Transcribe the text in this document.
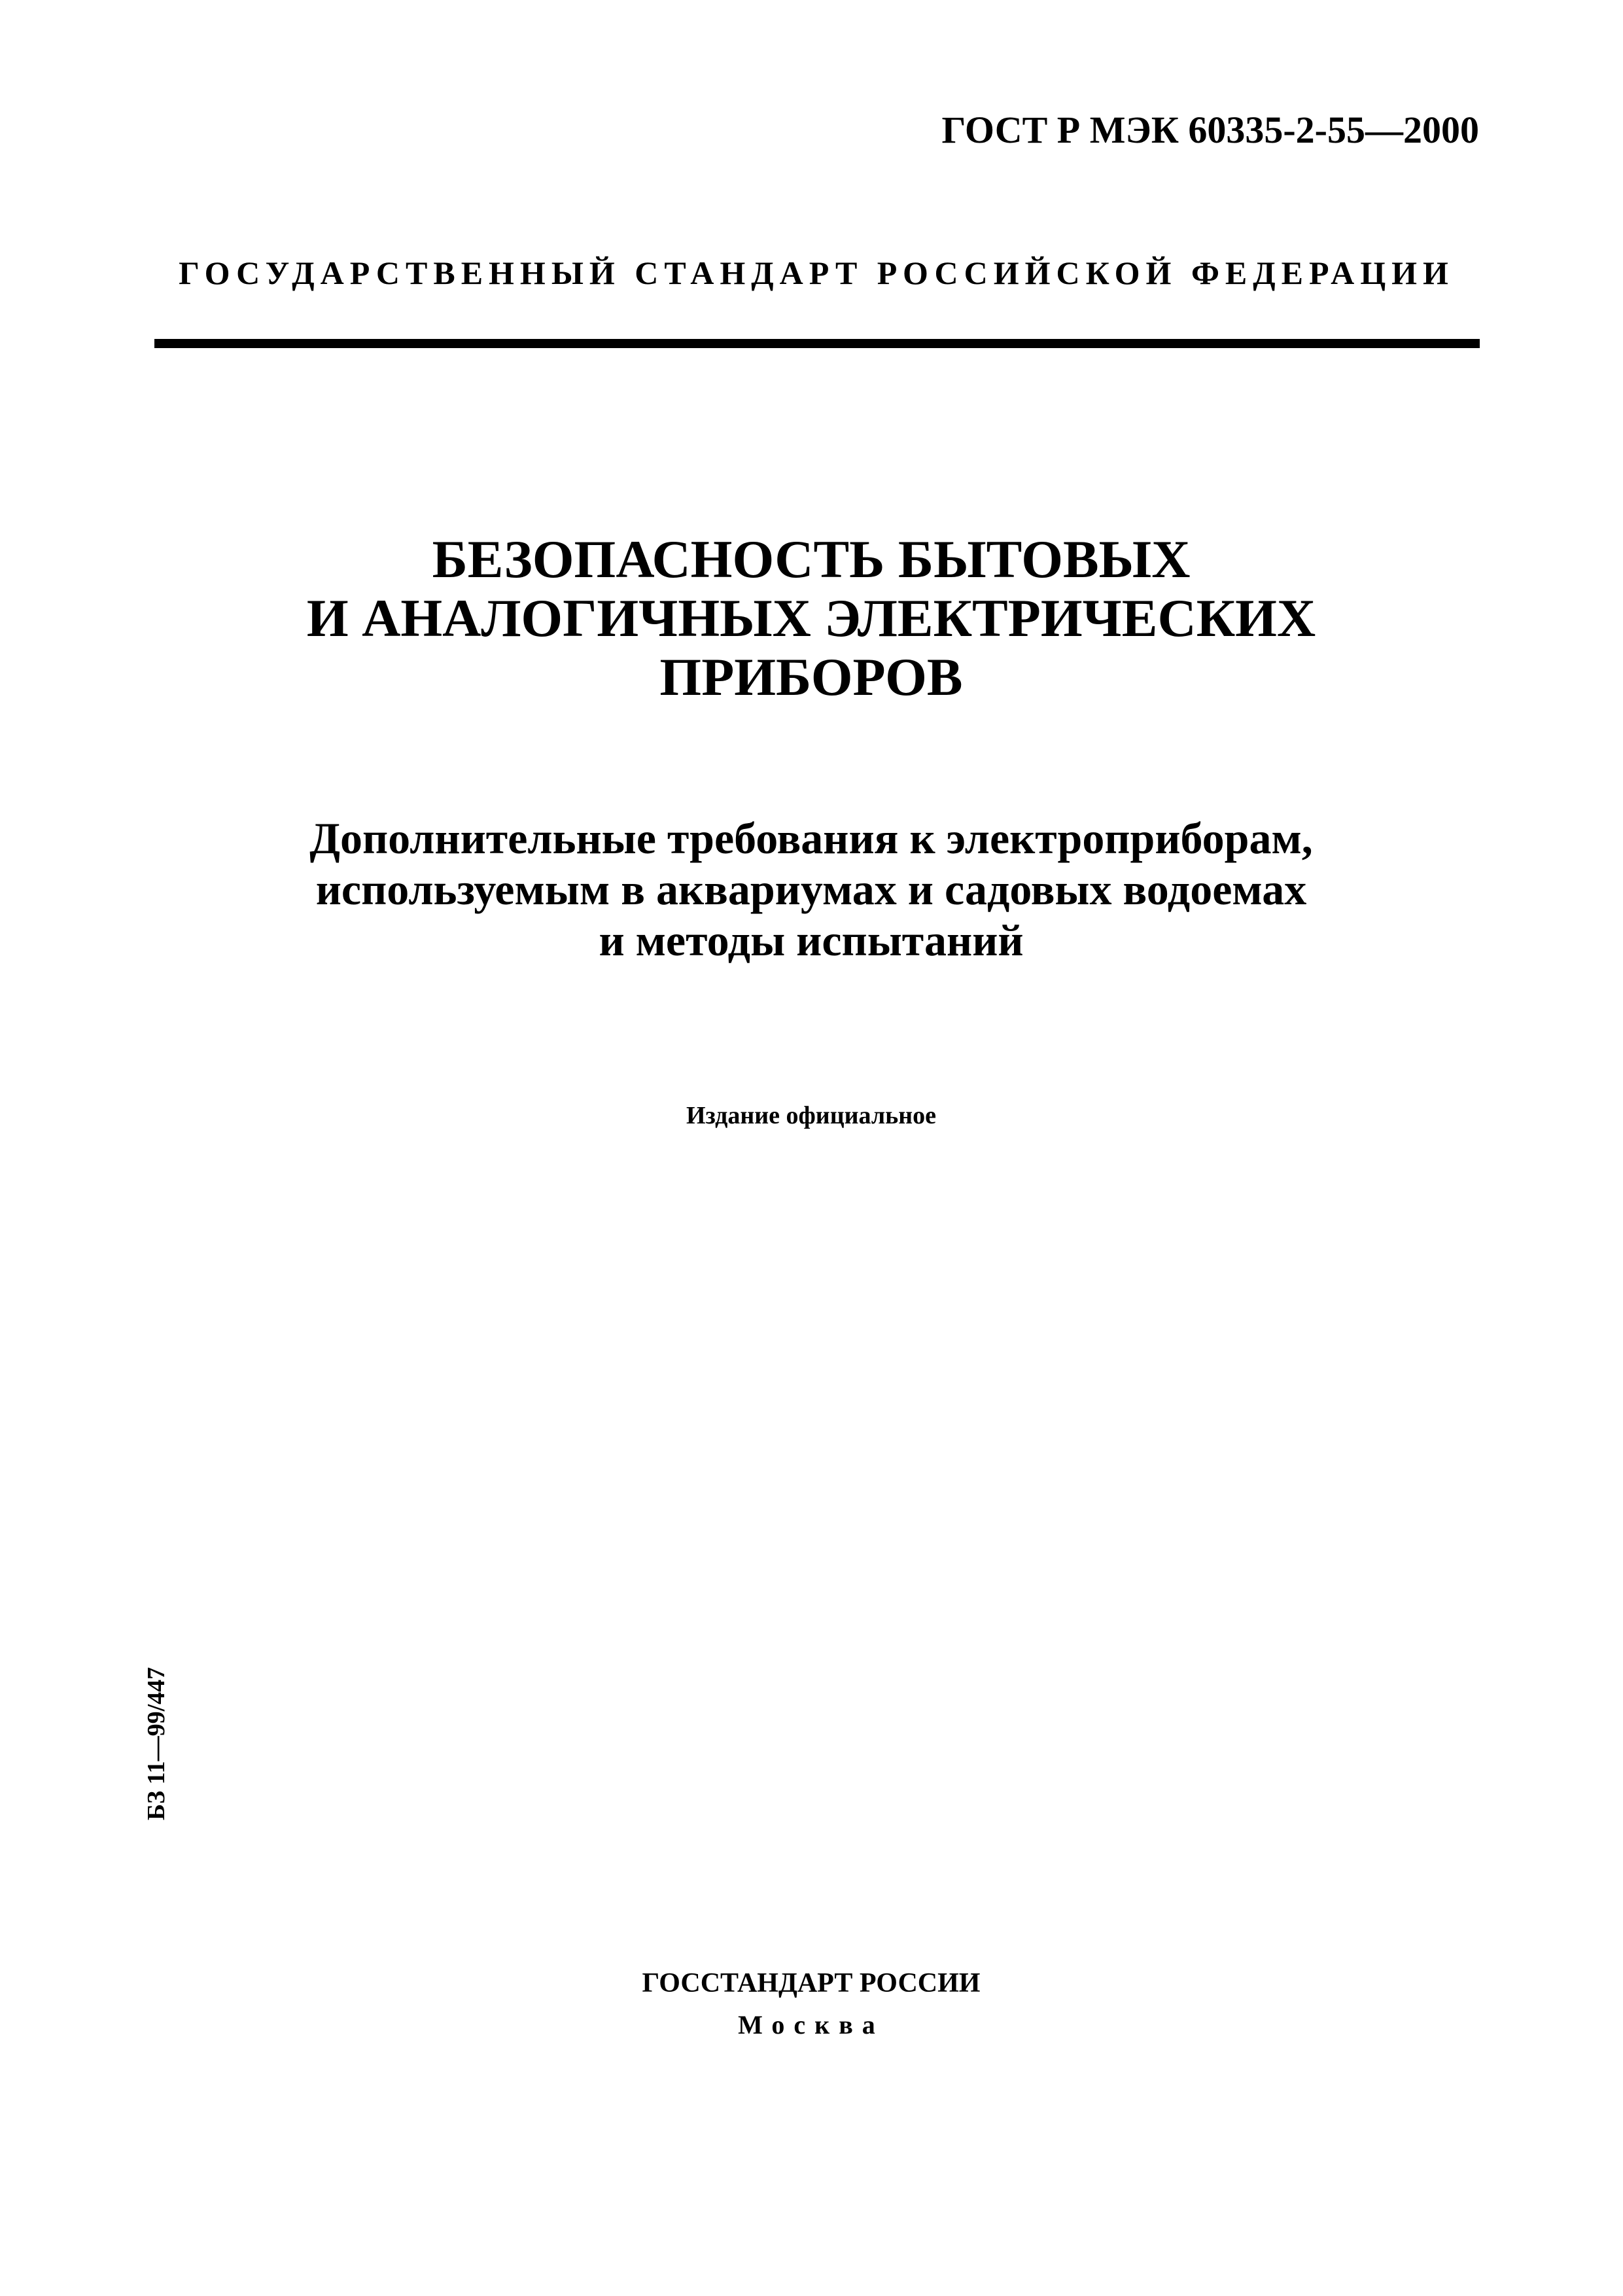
ГОСТ Р МЭК 60335-2-55—2000
ГОСУДАРСТВЕННЫЙ СТАНДАРТ РОССИЙСКОЙ ФЕДЕРАЦИИ
БЕЗОПАСНОСТЬ БЫТОВЫХ
И АНАЛОГИЧНЫХ ЭЛЕКТРИЧЕСКИХ
ПРИБОРОВ
Дополнительные требования к электроприборам,
используемым в аквариумах и садовых водоемах
и методы испытаний
Издание официальное
БЗ 11—99/447
ГОССТАНДАРТ РОССИИ
Москва
